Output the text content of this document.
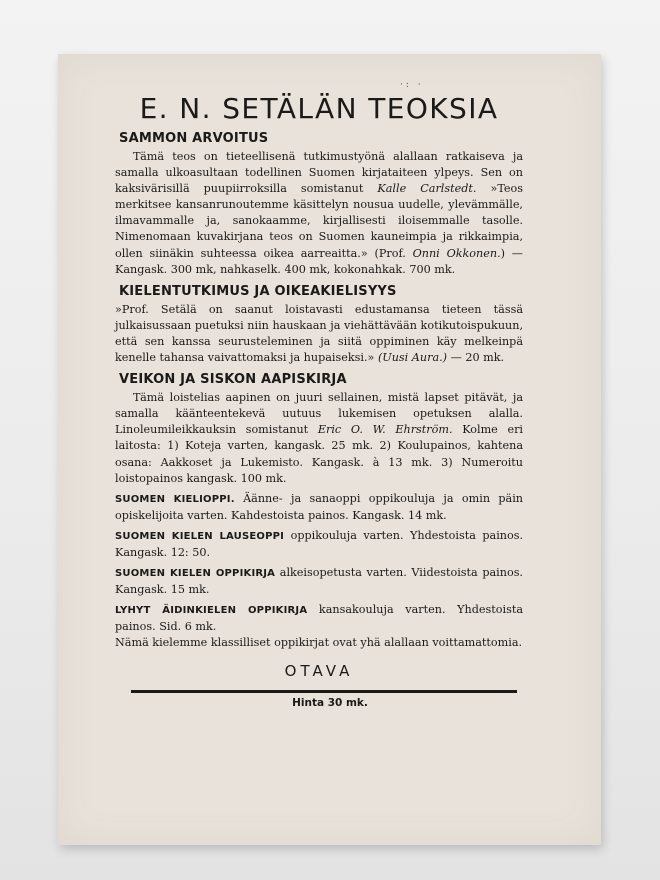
·: ·
E. N. SETÄLÄN TEOKSIA
SAMMON ARVOITUS

Tämä teos on tieteellisenä tutkimustyönä alallaan ratkaiseva ja samalla ulkoasultaan todellinen Suomen kirjataiteen ylpeys. Sen on kaksivärisillä puupiirroksilla somistanut Kalle Carlstedt. »Teos merkitsee kansanrunoutemme käsittelyn nousua uudelle, ylevämmälle, ilmavammalle ja, sanokaamme, kirjallisesti iloisemmalle tasolle. Nimenomaan kuvakirjana teos on Suomen kauneimpia ja rikkaimpia, ollen siinäkin suhteessa oikea aarreaitta.» (Prof. Onni Okkonen.) — Kangask. 300 mk, nahkaselk. 400 mk, kokonahkak. 700 mk.

KIELENTUTKIMUS JA OIKEAKIELISYYS

»Prof. Setälä on saanut loistavasti edustamansa tieteen tässä julkaisussaan puetuksi niin hauskaan ja viehättävään kotikutoispukuun, että sen kanssa seurusteleminen ja siitä oppiminen käy melkeinpä kenelle tahansa vaivattomaksi ja hupaiseksi.» (Uusi Aura.) — 20 mk.

VEIKON JA SISKON AAPISKIRJA

Tämä loistelias aapinen on juuri sellainen, mistä lapset pitävät, ja samalla käänteentekevä uutuus lukemisen opetuksen alalla. Linoleumileikkauksin somistanut Eric O. W. Ehrström. Kolme eri laitosta: 1) Koteja varten, kangask. 25 mk. 2) Koulupainos, kahtena osana: Aakkoset ja Lukemisto. Kangask. à 13 mk. 3) Numeroitu loistopainos kangask. 100 mk.

SUOMEN KIELIOPPI. Äänne- ja sanaoppi oppikouluja ja omin päin opiskelijoita varten. Kahdestoista painos. Kangask. 14 mk.

SUOMEN KIELEN LAUSEOPPI oppikouluja varten. Yhdestoista painos. Kangask. 12: 50.

SUOMEN KIELEN OPPIKIRJA alkeisopetusta varten. Viidestoista painos. Kangask. 15 mk.

LYHYT ÄIDINKIELEN OPPIKIRJA kansakouluja varten. Yhdestoista painos. Sid. 6 mk.

Nämä kielemme klassilliset oppikirjat ovat yhä alallaan voittamattomia.

OTAVA
Hinta 30 mk.
